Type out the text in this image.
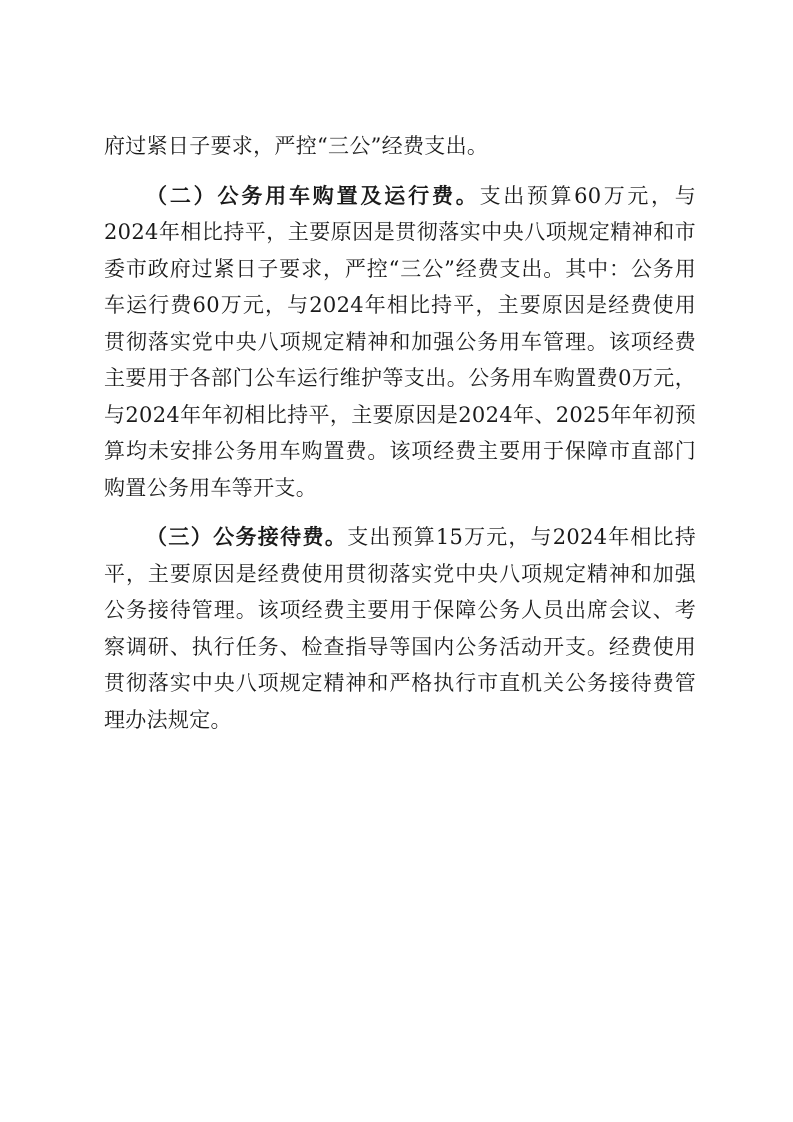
府过紧日子要求，严控“三公”经费支出。

（二）公务用车购置及运行费。支出预算60万元，与2024年相比持平，主要原因是贯彻落实中央八项规定精神和市委市政府过紧日子要求，严控“三公”经费支出。其中：公务用车运行费60万元，与2024年相比持平，主要原因是经费使用贯彻落实党中央八项规定精神和加强公务用车管理。该项经费主要用于各部门公车运行维护等支出。公务用车购置费0万元，与2024年年初相比持平，主要原因是2024年、2025年年初预算均未安排公务用车购置费。该项经费主要用于保障市直部门购置公务用车等开支。

（三）公务接待费。支出预算15万元，与2024年相比持平，主要原因是经费使用贯彻落实党中央八项规定精神和加强公务接待管理。该项经费主要用于保障公务人员出席会议、考察调研、执行任务、检查指导等国内公务活动开支。经费使用贯彻落实中央八项规定精神和严格执行市直机关公务接待费管理办法规定。
